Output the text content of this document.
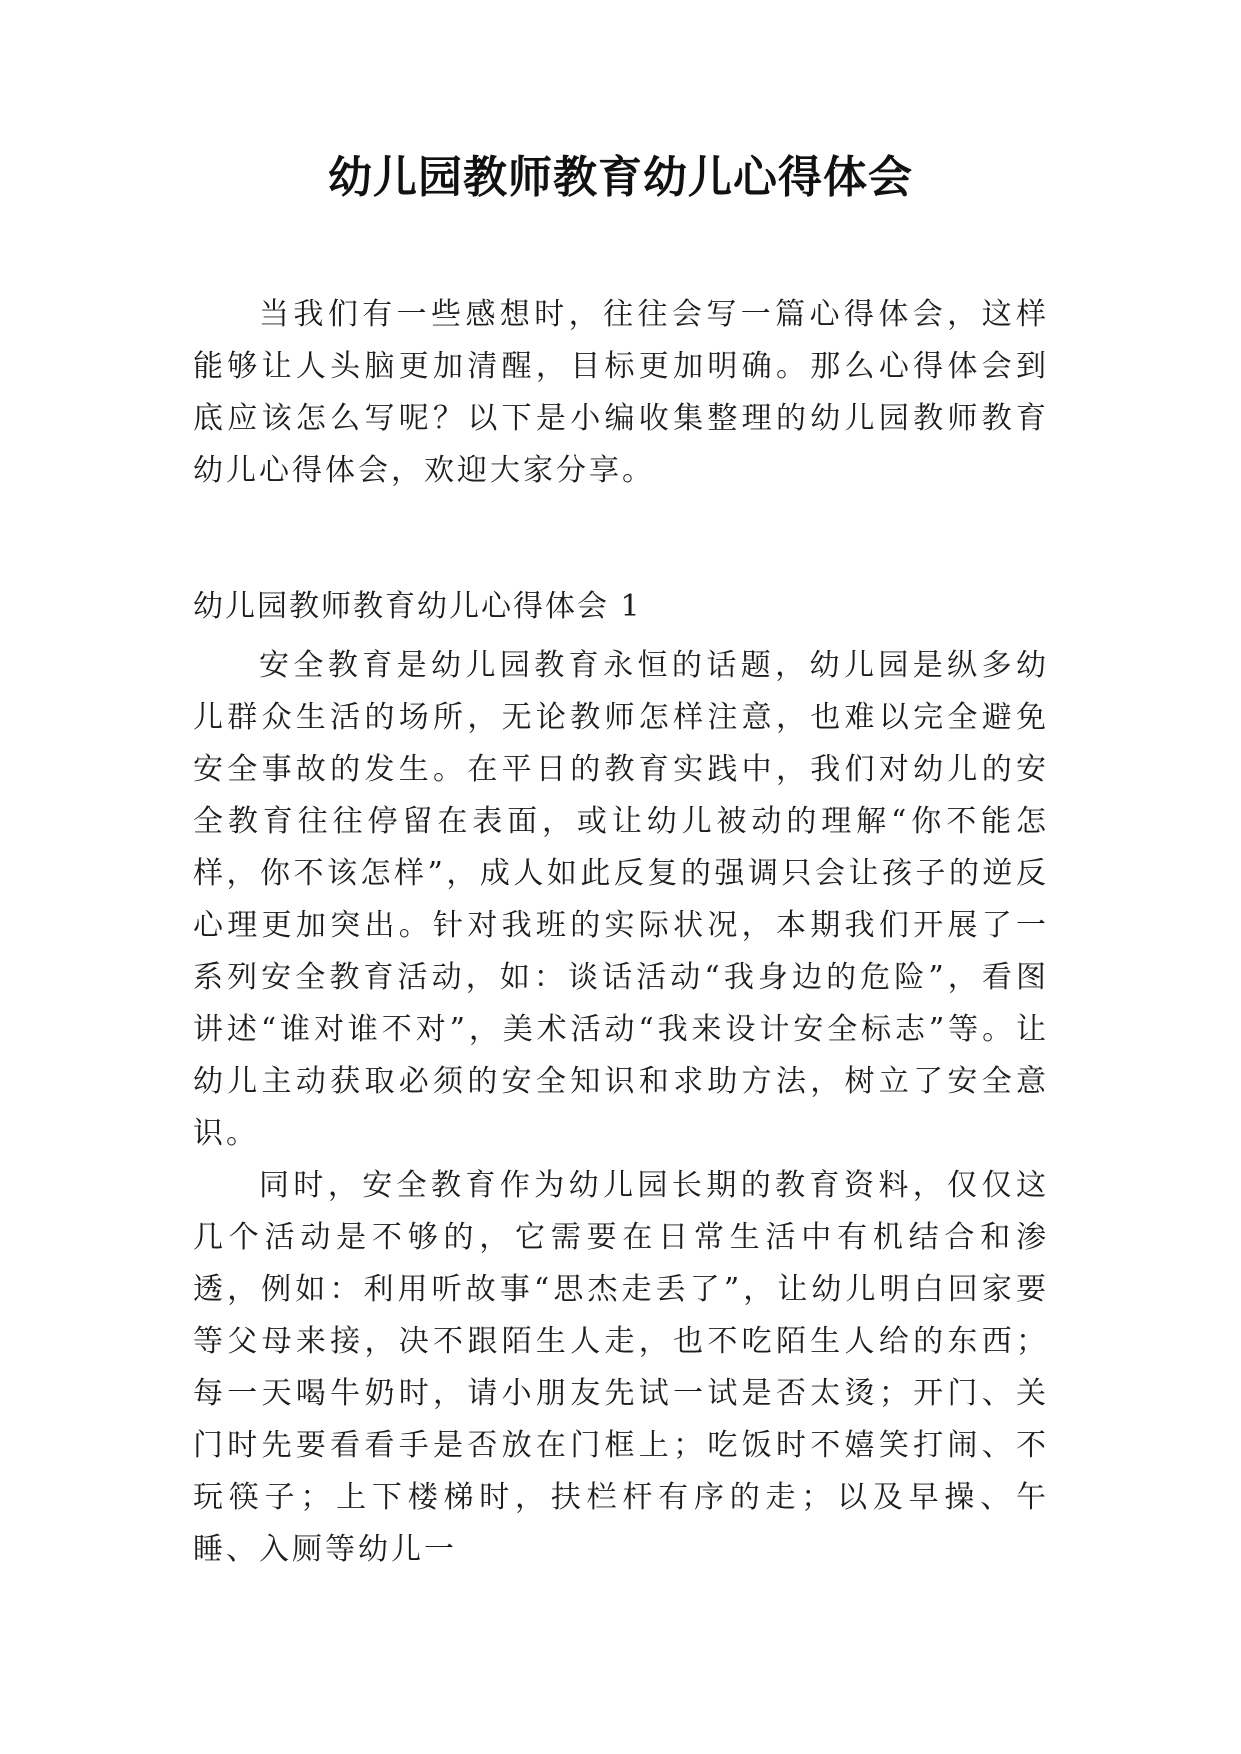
幼儿园教师教育幼儿心得体会

当我们有一些感想时，往往会写一篇心得体会，这样能够让人头脑更加清醒，目标更加明确。那么心得体会到底应该怎么写呢？以下是小编收集整理的幼儿园教师教育幼儿心得体会，欢迎大家分享。

幼儿园教师教育幼儿心得体会 1

安全教育是幼儿园教育永恒的话题，幼儿园是纵多幼儿群众生活的场所，无论教师怎样注意，也难以完全避免安全事故的发生。在平日的教育实践中，我们对幼儿的安全教育往往停留在表面，或让幼儿被动的理解“你不能怎样，你不该怎样”，成人如此反复的强调只会让孩子的逆反心理更加突出。针对我班的实际状况，本期我们开展了一系列安全教育活动，如：谈话活动“我身边的危险”，看图讲述“谁对谁不对”，美术活动“我来设计安全标志”等。让幼儿主动获取必须的安全知识和求助方法，树立了安全意识。

同时，安全教育作为幼儿园长期的教育资料，仅仅这几个活动是不够的，它需要在日常生活中有机结合和渗透，例如：利用听故事“思杰走丢了”，让幼儿明白回家要等父母来接，决不跟陌生人走，也不吃陌生人给的东西；每一天喝牛奶时，请小朋友先试一试是否太烫；开门、关门时先要看看手是否放在门框上；吃饭时不嬉笑打闹、不玩筷子；上下楼梯时，扶栏杆有序的走；以及早操、午睡、入厕等幼儿一
